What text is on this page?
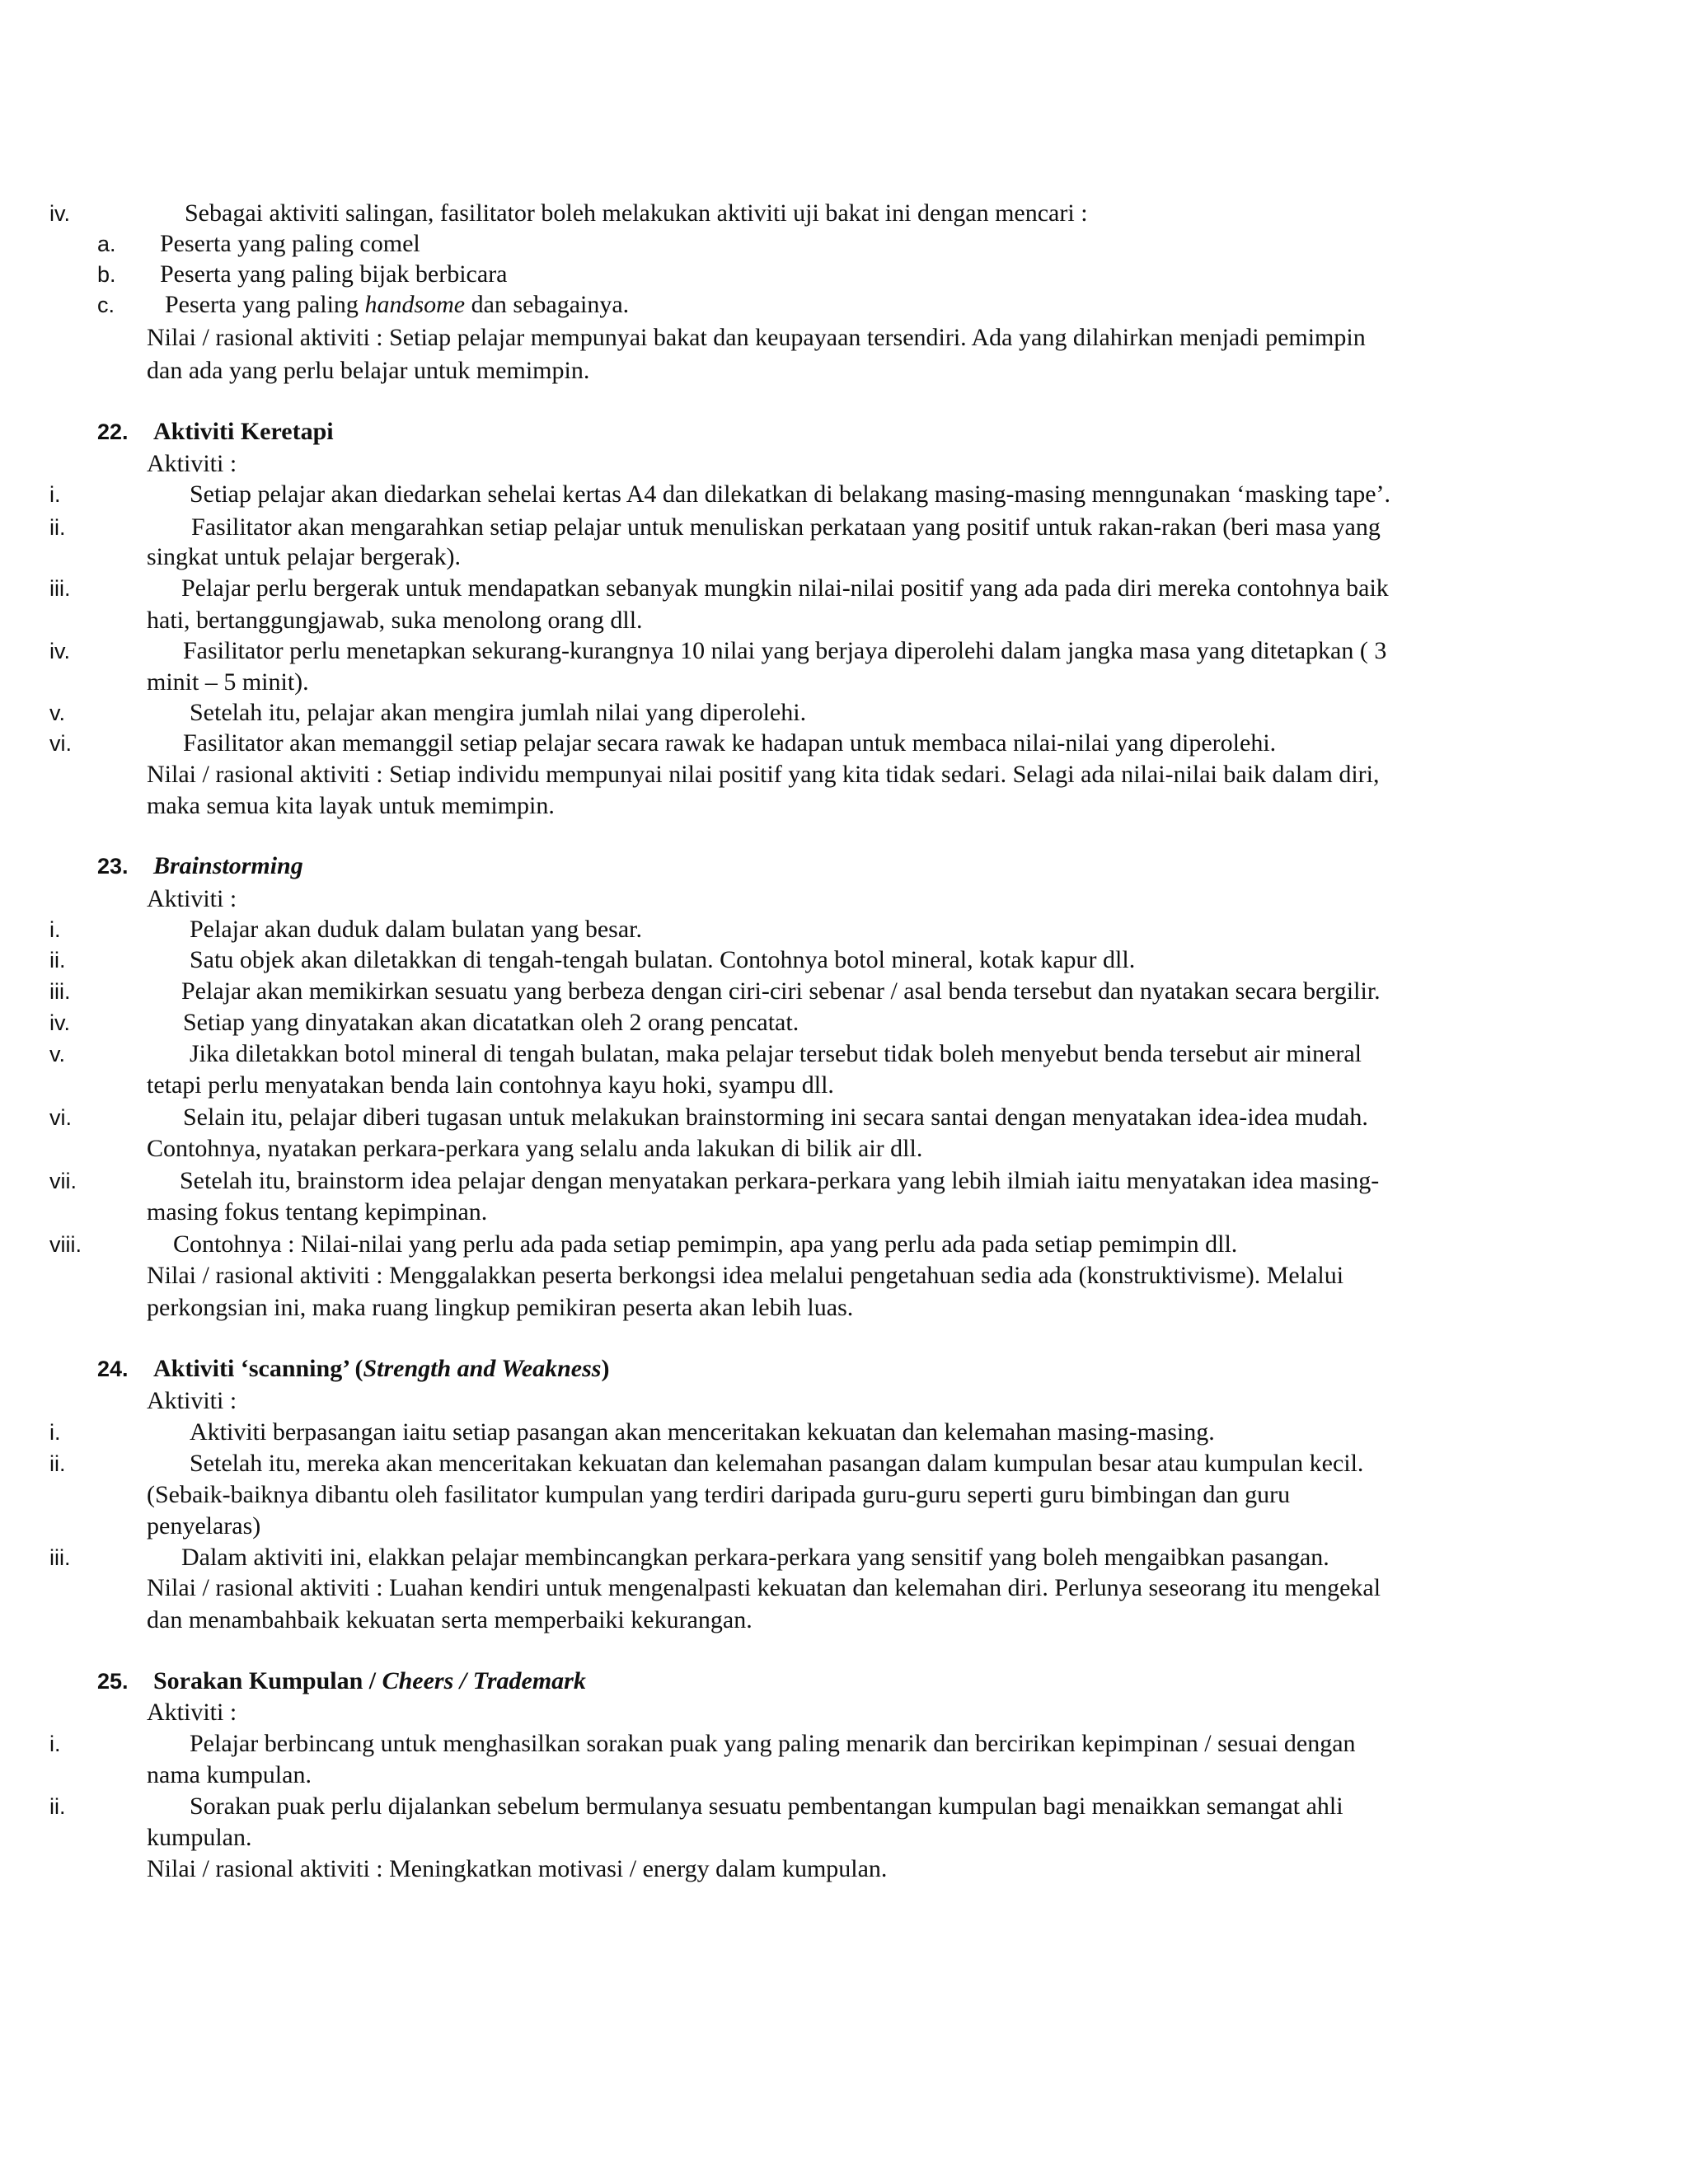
iv.	Sebagai aktiviti salingan, fasilitator boleh melakukan aktiviti uji bakat ini dengan mencari :
a. Peserta yang paling comel
b. Peserta yang paling bijak berbicara
c. Peserta yang paling handsome dan sebagainya.
Nilai / rasional aktiviti : Setiap pelajar mempunyai bakat dan keupayaan tersendiri. Ada yang dilahirkan menjadi pemimpin
dan ada yang perlu belajar untuk memimpin.
22. Aktiviti Keretapi
Aktiviti :
i.	Setiap pelajar akan diedarkan sehelai kertas A4 dan dilekatkan di belakang masing-masing menngunakan ‘masking tape’.
ii.	Fasilitator akan mengarahkan setiap pelajar untuk menuliskan perkataan yang positif untuk rakan-rakan (beri masa yang
singkat untuk pelajar bergerak).
iii.	Pelajar perlu bergerak untuk mendapatkan sebanyak mungkin nilai-nilai positif yang ada pada diri mereka contohnya baik
hati, bertanggungjawab, suka menolong orang dll.
iv.	Fasilitator perlu menetapkan sekurang-kurangnya 10 nilai yang berjaya diperolehi dalam jangka masa yang ditetapkan ( 3
minit – 5 minit).
v.	Setelah itu, pelajar akan mengira jumlah nilai yang diperolehi.
vi.	Fasilitator akan memanggil setiap pelajar secara rawak ke hadapan untuk membaca nilai-nilai yang diperolehi.
Nilai / rasional aktiviti : Setiap individu mempunyai nilai positif yang kita tidak sedari. Selagi ada nilai-nilai baik dalam diri,
maka semua kita layak untuk memimpin.
23. Brainstorming
Aktiviti :
i.	Pelajar akan duduk dalam bulatan yang besar.
ii.	Satu objek akan diletakkan di tengah-tengah bulatan. Contohnya botol mineral, kotak kapur dll.
iii.	Pelajar akan memikirkan sesuatu yang berbeza dengan ciri-ciri sebenar / asal benda tersebut dan nyatakan secara bergilir.
iv.	Setiap yang dinyatakan akan dicatatkan oleh 2 orang pencatat.
v.	Jika diletakkan botol mineral di tengah bulatan, maka pelajar tersebut tidak boleh menyebut benda tersebut air mineral
tetapi perlu menyatakan benda lain contohnya kayu hoki, syampu dll.
vi.	Selain itu, pelajar diberi tugasan untuk melakukan brainstorming ini secara santai dengan menyatakan idea-idea mudah.
Contohnya, nyatakan perkara-perkara yang selalu anda lakukan di bilik air dll.
vii.	Setelah itu, brainstorm idea pelajar dengan menyatakan perkara-perkara yang lebih ilmiah iaitu menyatakan idea masing-
masing fokus tentang kepimpinan.
viii.	Contohnya : Nilai-nilai yang perlu ada pada setiap pemimpin, apa yang perlu ada pada setiap pemimpin dll.
Nilai / rasional aktiviti : Menggalakkan peserta berkongsi idea melalui pengetahuan sedia ada (konstruktivisme). Melalui
perkongsian ini, maka ruang lingkup pemikiran peserta akan lebih luas.
24. Aktiviti ‘scanning’ (Strength and Weakness)
Aktiviti :
i.	Aktiviti berpasangan iaitu setiap pasangan akan menceritakan kekuatan dan kelemahan masing-masing.
ii.	Setelah itu, mereka akan menceritakan kekuatan dan kelemahan pasangan dalam kumpulan besar atau kumpulan kecil.
(Sebaik-baiknya dibantu oleh fasilitator kumpulan yang terdiri daripada guru-guru seperti guru bimbingan dan guru
penyelaras)
iii.	Dalam aktiviti ini, elakkan pelajar membincangkan perkara-perkara yang sensitif yang boleh mengaibkan pasangan.
Nilai / rasional aktiviti : Luahan kendiri untuk mengenalpasti kekuatan dan kelemahan diri. Perlunya seseorang itu mengekal
dan menambahbaik kekuatan serta memperbaiki kekurangan.
25. Sorakan Kumpulan / Cheers / Trademark
Aktiviti :
i.	Pelajar berbincang untuk menghasilkan sorakan puak yang paling menarik dan bercirikan kepimpinan / sesuai dengan
nama kumpulan.
ii.	Sorakan puak perlu dijalankan sebelum bermulanya sesuatu pembentangan kumpulan bagi menaikkan semangat ahli
kumpulan.
Nilai / rasional aktiviti : Meningkatkan motivasi / energy dalam kumpulan.
